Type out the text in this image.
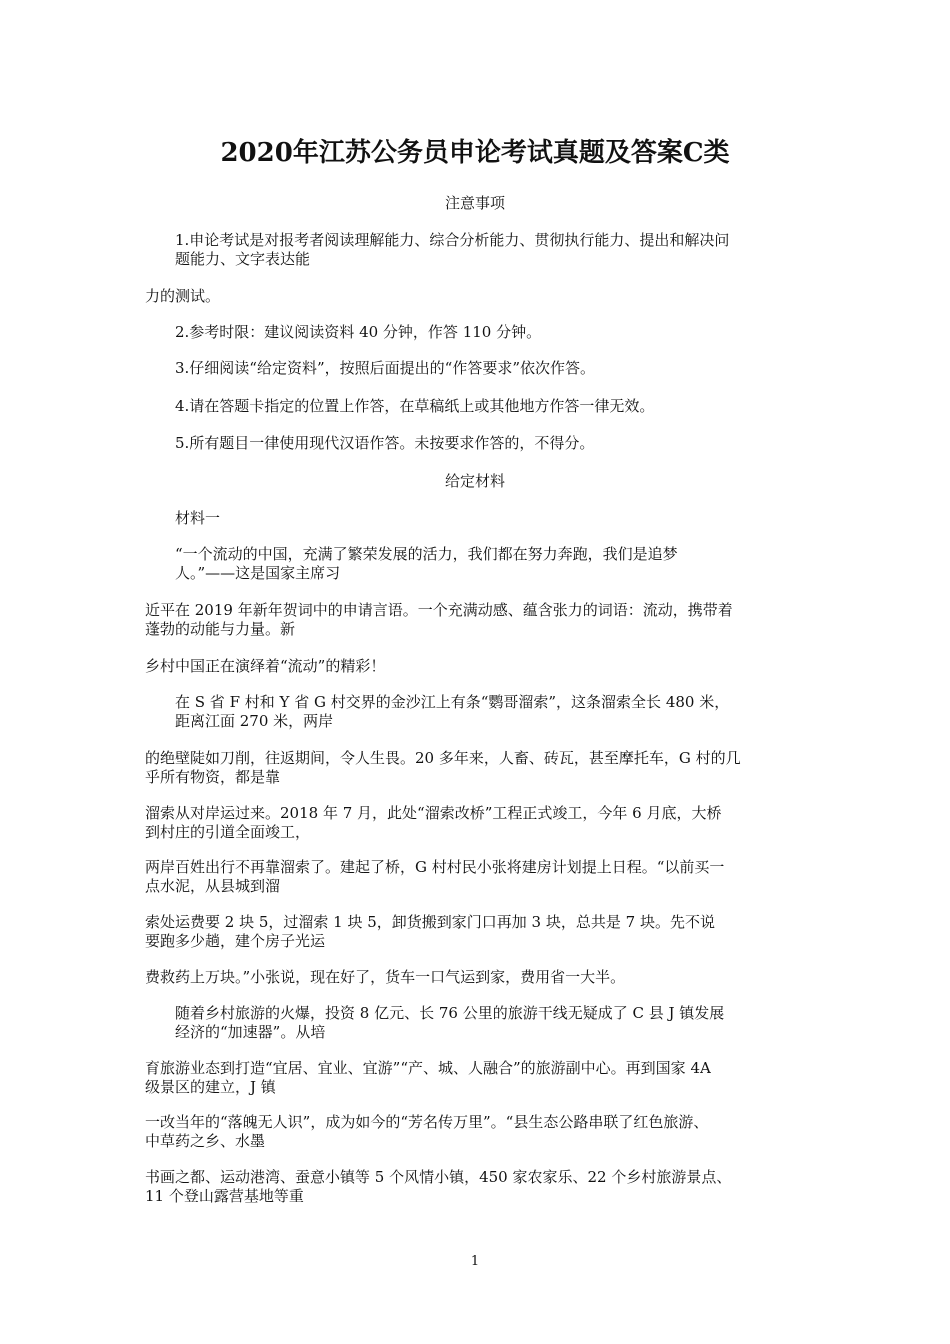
2020年江苏公务员申论考试真题及答案C类
注意事项
1.申论考试是对报考者阅读理解能力、综合分析能力、贯彻执行能力、提出和解决问
题能力、文字表达能
力的测试。
2.参考时限：建议阅读资料 40 分钟，作答 110 分钟。
3.仔细阅读“给定资料”，按照后面提出的“作答要求”依次作答。
4.请在答题卡指定的位置上作答，在草稿纸上或其他地方作答一律无效。
5.所有题目一律使用现代汉语作答。未按要求作答的，不得分。
给定材料
材料一
“一个流动的中国，充满了繁荣发展的活力，我们都在努力奔跑，我们是追梦
人。”——这是国家主席习
近平在 2019 年新年贺词中的申请言语。一个充满动感、蕴含张力的词语：流动，携带着
蓬勃的动能与力量。新
乡村中国正在演绎着“流动”的精彩！
在 S 省 F 村和 Y 省 G 村交界的金沙江上有条“鹦哥溜索”，这条溜索全长 480 米，
距离江面 270 米，两岸
的绝壁陡如刀削，往返期间，令人生畏。20 多年来，人畜、砖瓦，甚至摩托车，G 村的几
乎所有物资，都是靠
溜索从对岸运过来。2018 年 7 月，此处“溜索改桥”工程正式竣工，今年 6 月底，大桥
到村庄的引道全面竣工，
两岸百姓出行不再靠溜索了。建起了桥，G 村村民小张将建房计划提上日程。“以前买一
点水泥，从县城到溜
索处运费要 2 块 5，过溜索 1 块 5，卸货搬到家门口再加 3 块，总共是 7 块。先不说
要跑多少趟，建个房子光运
费救药上万块。”小张说，现在好了，货车一口气运到家，费用省一大半。
随着乡村旅游的火爆，投资 8 亿元、长 76 公里的旅游干线无疑成了 C 县 J 镇发展
经济的“加速器”。从培
育旅游业态到打造“宜居、宜业、宜游”“产、城、人融合”的旅游副中心。再到国家 4A
级景区的建立，J 镇
一改当年的“落魄无人识”，成为如今的“芳名传万里”。“县生态公路串联了红色旅游、
中草药之乡、水墨
书画之都、运动港湾、蚕意小镇等 5 个风情小镇，450 家农家乐、22 个乡村旅游景点、
11 个登山露营基地等重
1
